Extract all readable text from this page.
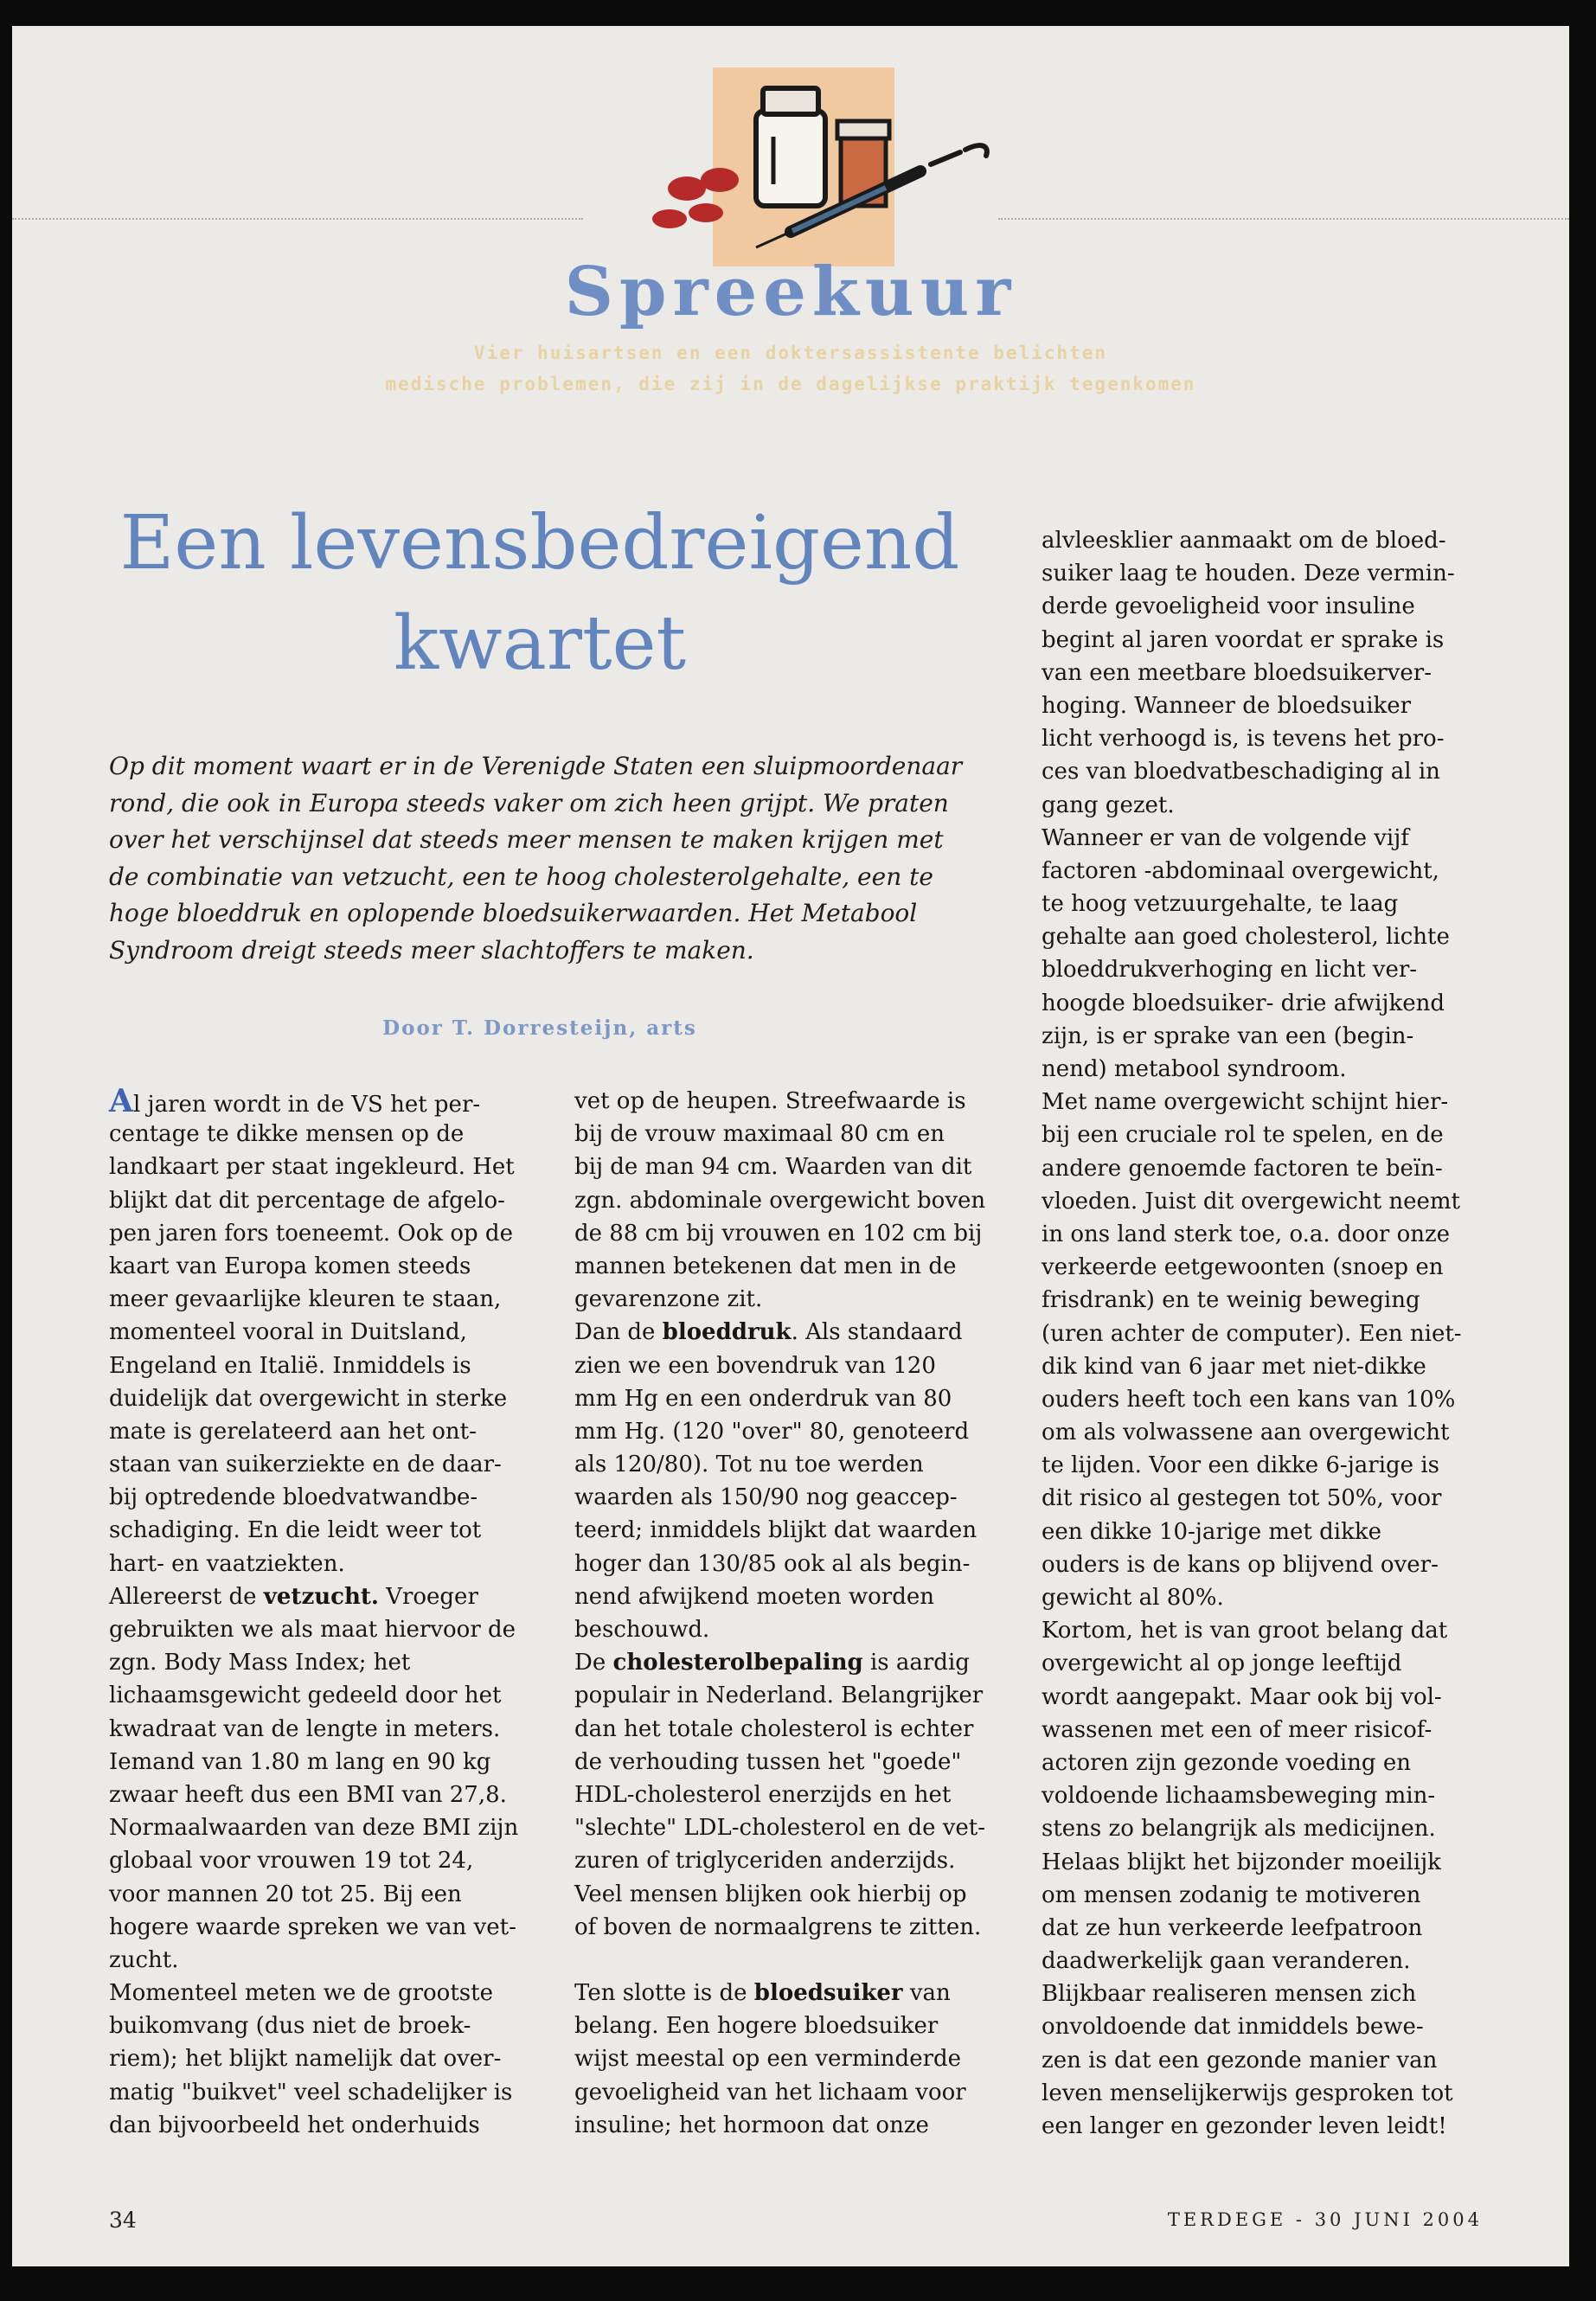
Spreekuur
Vier huisartsen en een doktersassistente belichten
medische problemen, die zij in de dagelijkse praktijk tegenkomen
Een levensbedreigend
kwartet

Op dit moment waart er in de Verenigde Staten een sluipmoordenaar rond, die ook in Europa steeds vaker om zich heen grijpt. We praten over het verschijnsel dat steeds meer mensen te maken krijgen met de combinatie van vetzucht, een te hoog cholesterolgehalte, een te hoge bloeddruk en oplopende bloedsuikerwaarden. Het Metabool Syndroom dreigt steeds meer slachtoffers te maken.

Door T. Dorresteijn, arts
Al jaren wordt in de VS het per-
centage te dikke mensen op de
landkaart per staat ingekleurd. Het
blijkt dat dit percentage de afgelo-
pen jaren fors toeneemt. Ook op de
kaart van Europa komen steeds
meer gevaarlijke kleuren te staan,
momenteel vooral in Duitsland,
Engeland en Italië. Inmiddels is
duidelijk dat overgewicht in sterke
mate is gerelateerd aan het ont-
staan van suikerziekte en de daar-
bij optredende bloedvatwandbe-
schadiging. En die leidt weer tot
hart- en vaatziekten.
Allereerst de vetzucht. Vroeger
gebruikten we als maat hiervoor de
zgn. Body Mass Index; het
lichaamsgewicht gedeeld door het
kwadraat van de lengte in meters.
Iemand van 1.80 m lang en 90 kg
zwaar heeft dus een BMI van 27,8.
Normaalwaarden van deze BMI zijn
globaal voor vrouwen 19 tot 24,
voor mannen 20 tot 25. Bij een
hogere waarde spreken we van vet-
zucht.
Momenteel meten we de grootste
buikomvang (dus niet de broek-
riem); het blijkt namelijk dat over-
matig "buikvet" veel schadelijker is
dan bijvoorbeeld het onderhuids
vet op de heupen. Streefwaarde is
bij de vrouw maximaal 80 cm en
bij de man 94 cm. Waarden van dit
zgn. abdominale overgewicht boven
de 88 cm bij vrouwen en 102 cm bij
mannen betekenen dat men in de
gevarenzone zit.
Dan de bloeddruk. Als standaard
zien we een bovendruk van 120
mm Hg en een onderdruk van 80
mm Hg. (120 "over" 80, genoteerd
als 120/80). Tot nu toe werden
waarden als 150/90 nog geaccep-
teerd; inmiddels blijkt dat waarden
hoger dan 130/85 ook al als begin-
nend afwijkend moeten worden
beschouwd.
De cholesterolbepaling is aardig
populair in Nederland. Belangrijker
dan het totale cholesterol is echter
de verhouding tussen het "goede"
HDL-cholesterol enerzijds en het
"slechte" LDL-cholesterol en de vet-
zuren of triglyceriden anderzijds.
Veel mensen blijken ook hierbij op
of boven de normaalgrens te zitten.

Ten slotte is de bloedsuiker van
belang. Een hogere bloedsuiker
wijst meestal op een verminderde
gevoeligheid van het lichaam voor
insuline; het hormoon dat onze
alvleesklier aanmaakt om de bloed-
suiker laag te houden. Deze vermin-
derde gevoeligheid voor insuline
begint al jaren voordat er sprake is
van een meetbare bloedsuikerver-
hoging. Wanneer de bloedsuiker
licht verhoogd is, is tevens het pro-
ces van bloedvatbeschadiging al in
gang gezet.
Wanneer er van de volgende vijf
factoren -abdominaal overgewicht,
te hoog vetzuurgehalte, te laag
gehalte aan goed cholesterol, lichte
bloeddrukverhoging en licht ver-
hoogde bloedsuiker- drie afwijkend
zijn, is er sprake van een (begin-
nend) metabool syndroom.
Met name overgewicht schijnt hier-
bij een cruciale rol te spelen, en de
andere genoemde factoren te beïn-
vloeden. Juist dit overgewicht neemt
in ons land sterk toe, o.a. door onze
verkeerde eetgewoonten (snoep en
frisdrank) en te weinig beweging
(uren achter de computer). Een niet-
dik kind van 6 jaar met niet-dikke
ouders heeft toch een kans van 10%
om als volwassene aan overgewicht
te lijden. Voor een dikke 6-jarige is
dit risico al gestegen tot 50%, voor
een dikke 10-jarige met dikke
ouders is de kans op blijvend over-
gewicht al 80%.
Kortom, het is van groot belang dat
overgewicht al op jonge leeftijd
wordt aangepakt. Maar ook bij vol-
wassenen met een of meer risicof-
actoren zijn gezonde voeding en
voldoende lichaamsbeweging min-
stens zo belangrijk als medicijnen.
Helaas blijkt het bijzonder moeilijk
om mensen zodanig te motiveren
dat ze hun verkeerde leefpatroon
daadwerkelijk gaan veranderen.
Blijkbaar realiseren mensen zich
onvoldoende dat inmiddels bewe-
zen is dat een gezonde manier van
leven menselijkerwijs gesproken tot
een langer en gezonder leven leidt!
34	TERDEGE - 30 JUNI 2004
